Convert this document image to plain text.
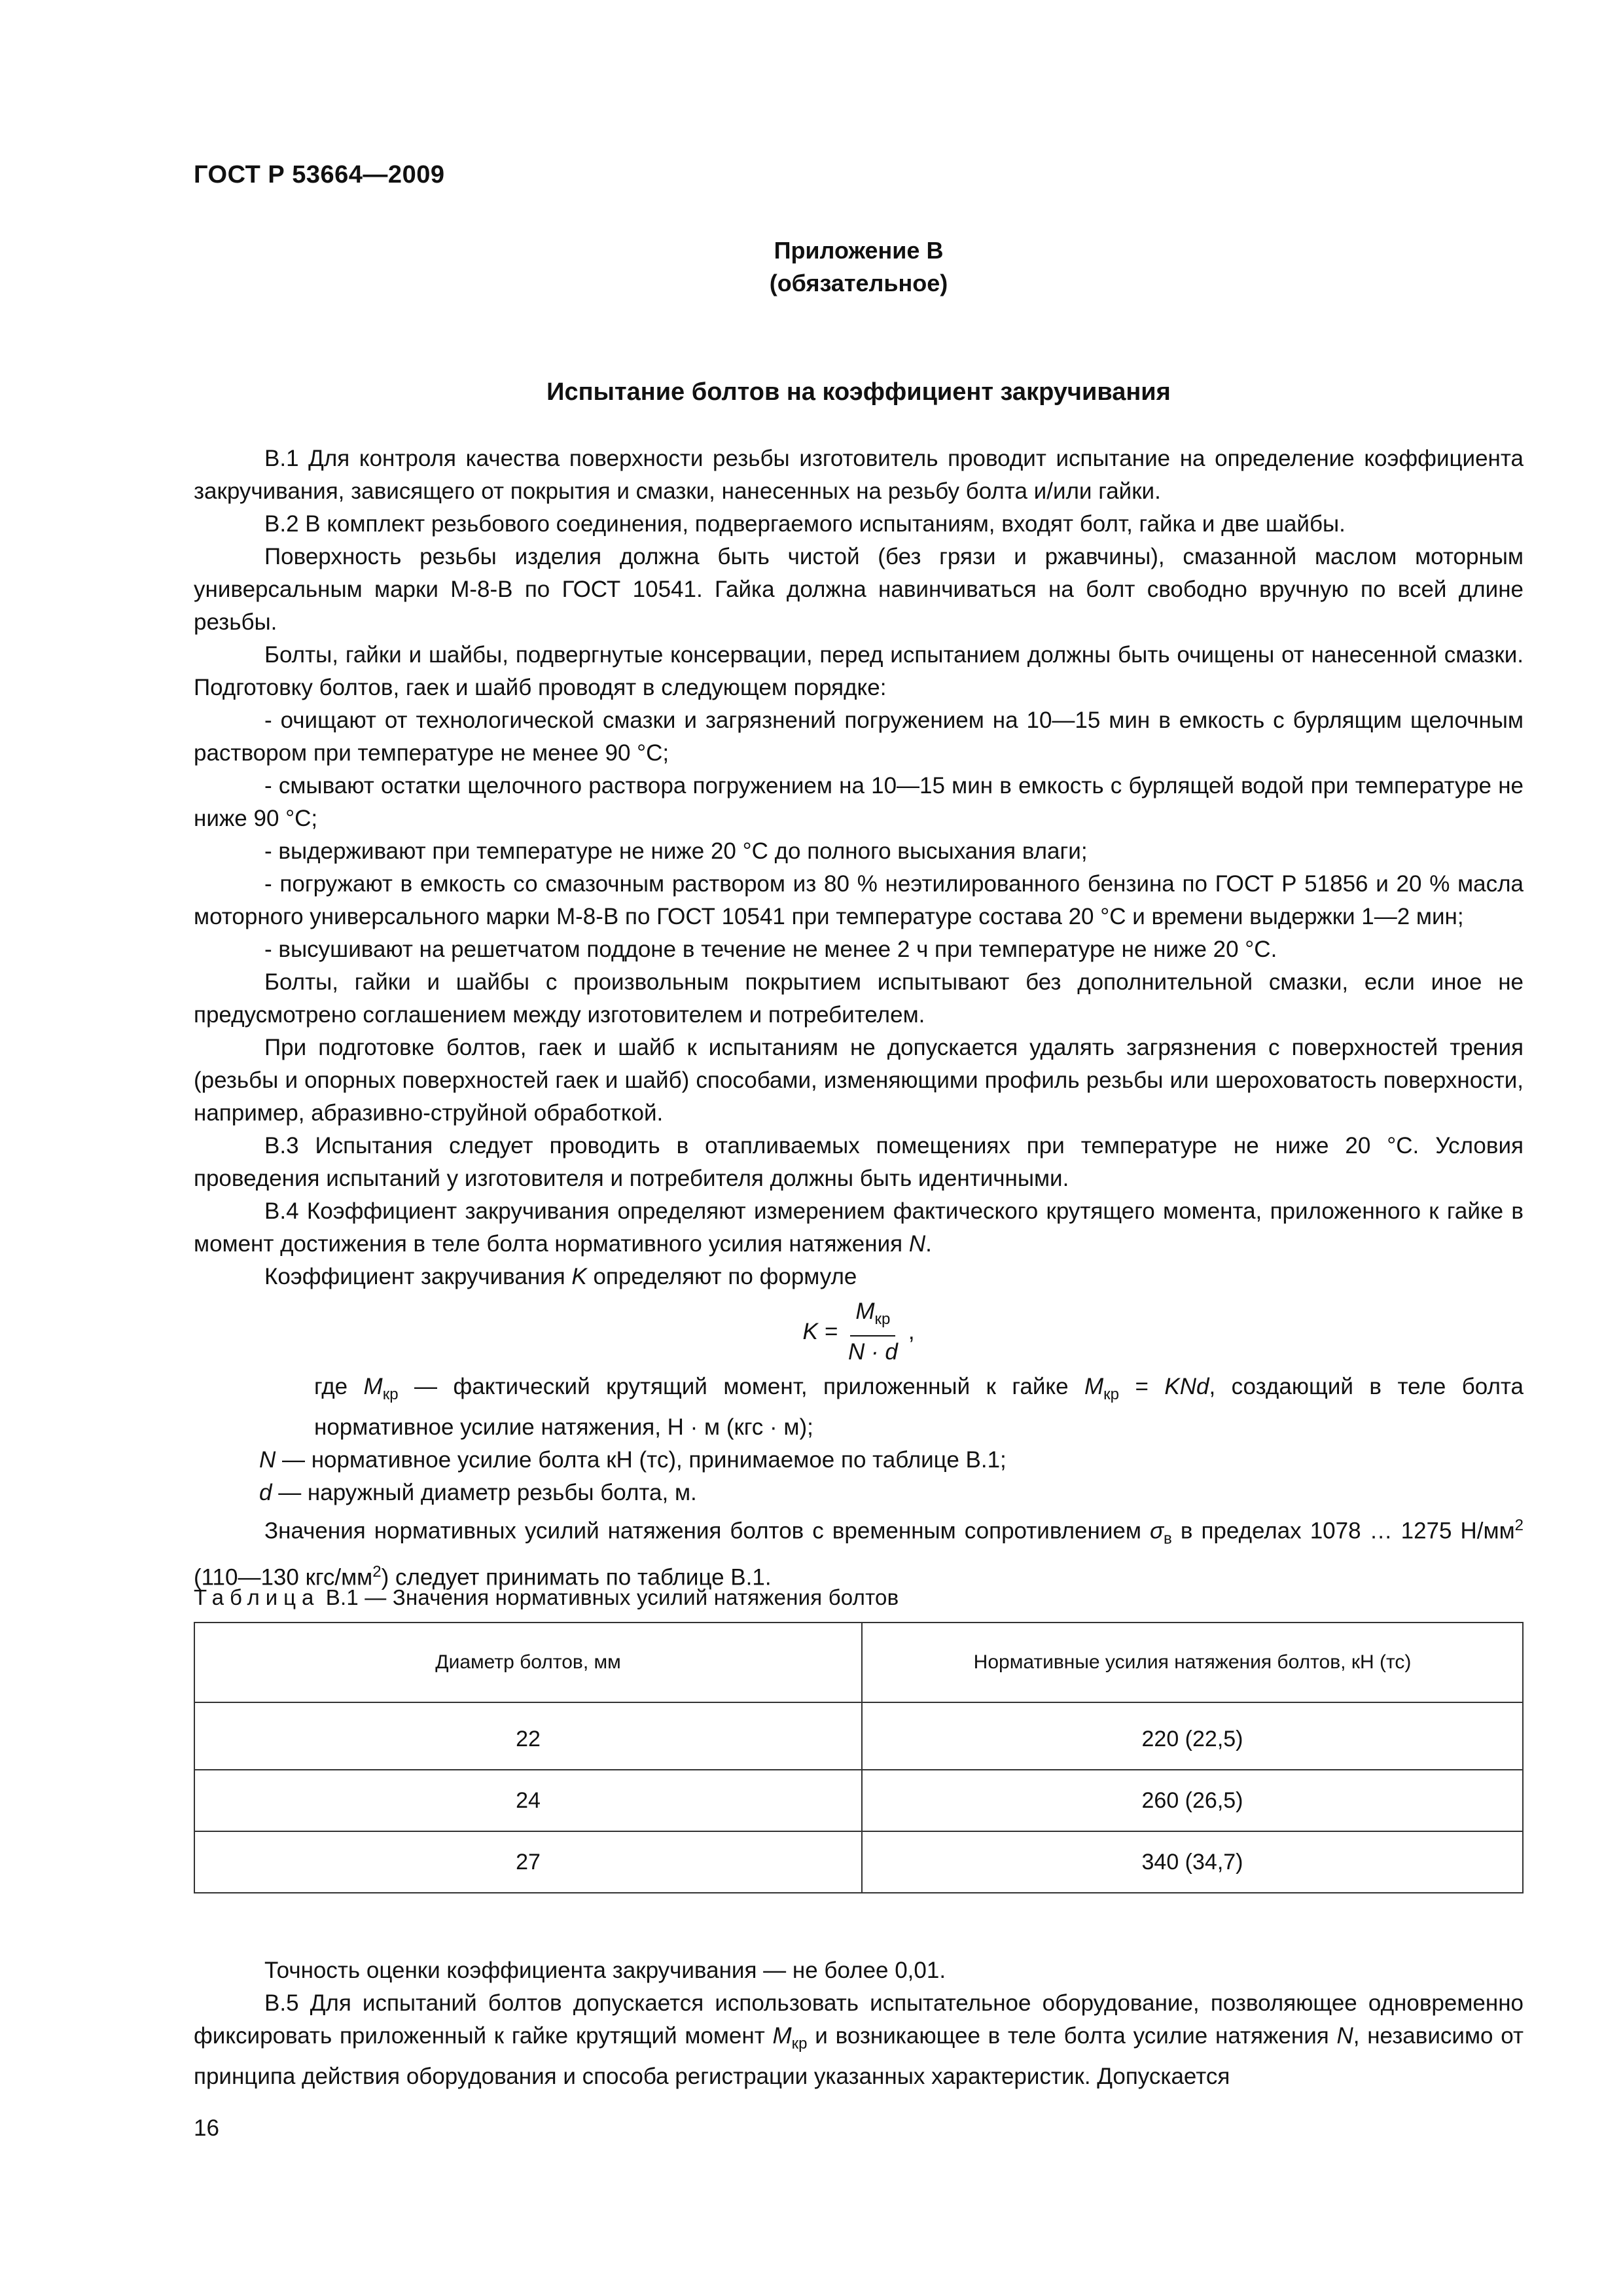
ГОСТ Р 53664—2009
Приложение В
(обязательное)
Испытание болтов на коэффициент закручивания

В.1 Для контроля качества поверхности резьбы изготовитель проводит испытание на определение коэффициента закручивания, зависящего от покрытия и смазки, нанесенных на резьбу болта и/или гайки.

В.2 В комплект резьбового соединения, подвергаемого испытаниям, входят болт, гайка и две шайбы.

Поверхность резьбы изделия должна быть чистой (без грязи и ржавчины), смазанной маслом моторным универсальным марки М-8-В по ГОСТ 10541. Гайка должна навинчиваться на болт свободно вручную по всей длине резьбы.

Болты, гайки и шайбы, подвергнутые консервации, перед испытанием должны быть очищены от нанесенной смазки. Подготовку болтов, гаек и шайб проводят в следующем порядке:

- очищают от технологической смазки и загрязнений погружением на 10—15 мин в емкость с бурлящим щелочным раствором при температуре не менее 90 °С;

- смывают остатки щелочного раствора погружением на 10—15 мин в емкость с бурлящей водой при температуре не ниже 90 °С;

- выдерживают при температуре не ниже 20 °С до полного высыхания влаги;

- погружают в емкость со смазочным раствором из 80 % неэтилированного бензина по ГОСТ Р 51856 и 20 % масла моторного универсального марки М-8-В по ГОСТ 10541 при температуре состава 20 °С и времени выдержки 1—2 мин;

- высушивают на решетчатом поддоне в течение не менее 2 ч при температуре не ниже 20 °С.

Болты, гайки и шайбы с произвольным покрытием испытывают без дополнительной смазки, если иное не предусмотрено соглашением между изготовителем и потребителем.

При подготовке болтов, гаек и шайб к испытаниям не допускается удалять загрязнения с поверхностей трения (резьбы и опорных поверхностей гаек и шайб) способами, изменяющими профиль резьбы или шероховатость поверхности, например, абразивно-струйной обработкой.

В.3 Испытания следует проводить в отапливаемых помещениях при температуре не ниже 20 °С. Условия проведения испытаний у изготовителя и потребителя должны быть идентичными.

В.4 Коэффициент закручивания определяют измерением фактического крутящего момента, приложенного к гайке в момент достижения в теле болта нормативного усилия натяжения N.

Коэффициент закручивания K определяют по формуле

$K = \frac{M_{кр}}{N \cdot d}$ ,

где $M_{кр}$ — фактический крутящий момент, приложенный к гайке $M_{кр}$ = KNd, создающий в теле болта нормативное усилие натяжения, Н · м (кгс · м);

N — нормативное усилие болта кН (тс), принимаемое по таблице В.1;

d — наружный диаметр резьбы болта, м.

Значения нормативных усилий натяжения болтов с временным сопротивлением $\sigma_в$ в пределах 1078 … 1275 $Н/мм^2$ (110—130 кгс/$мм^2$) следует принимать по таблице В.1.

Таблица В.1 — Значения нормативных усилий натяжения болтов
Диаметр болтов, мм	Нормативные усилия натяжения болтов, кН (тс)
22	220 (22,5)
24	260 (26,5)
27	340 (34,7)

Точность оценки коэффициента закручивания — не более 0,01.

В.5 Для испытаний болтов допускается использовать испытательное оборудование, позволяющее одновременно фиксировать приложенный к гайке крутящий момент $M_{кр}$ и возникающее в теле болта усилие натяжения N, независимо от принципа действия оборудования и способа регистрации указанных характеристик. Допускается

16
